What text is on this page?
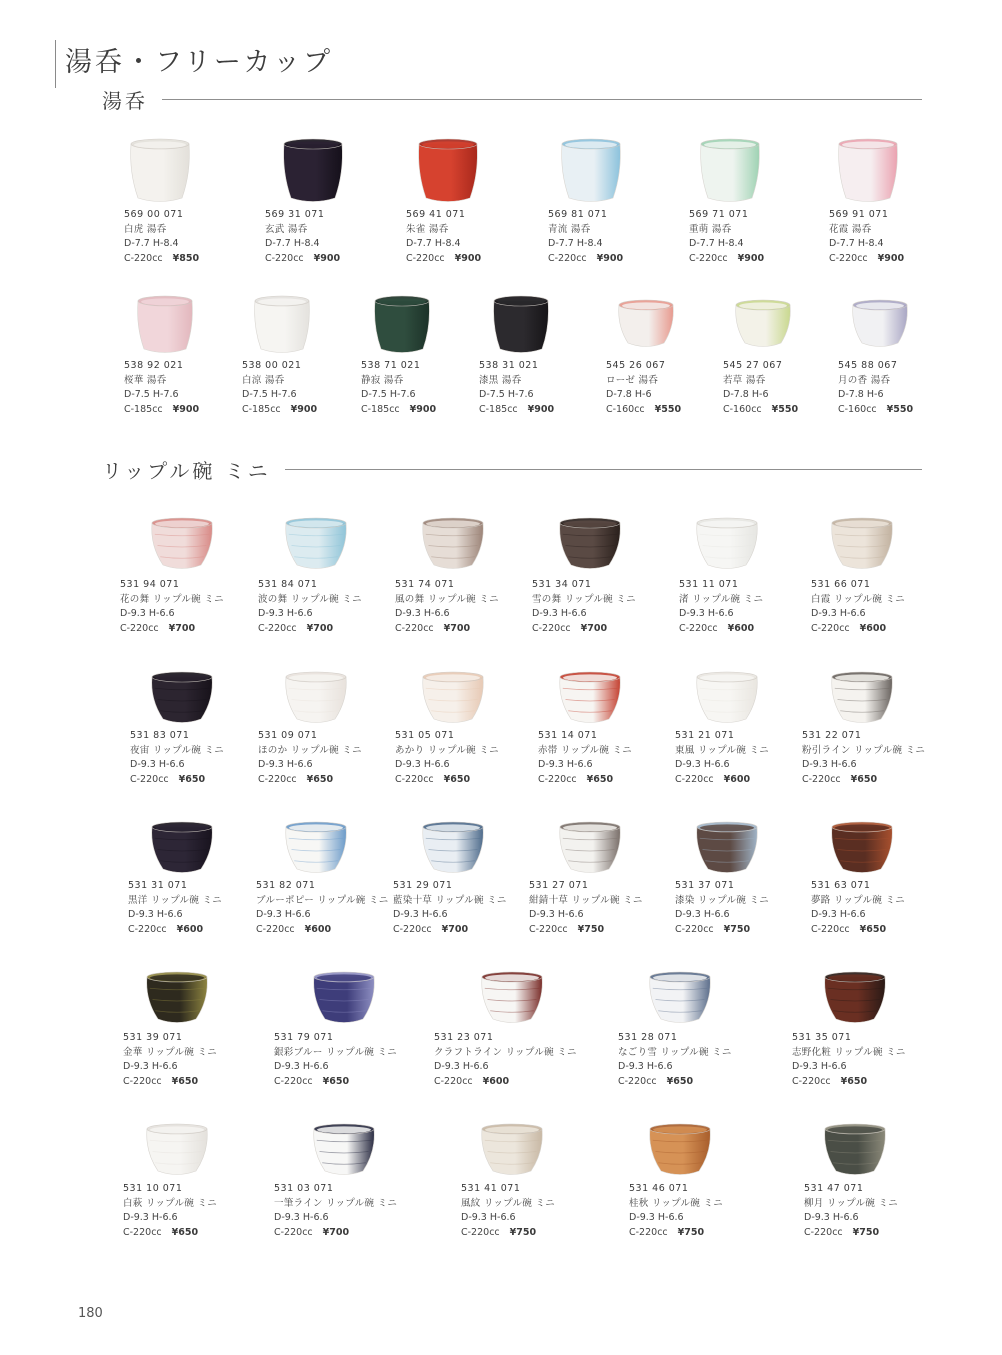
湯呑・フリーカップ
湯呑
リップル碗 ミニ
569 00 071
白虎 湯呑
D-7.7 H-8.4
C-220cc ¥850
569 31 071
玄武 湯呑
D-7.7 H-8.4
C-220cc ¥900
569 41 071
朱雀 湯呑
D-7.7 H-8.4
C-220cc ¥900
569 81 071
青流 湯呑
D-7.7 H-8.4
C-220cc ¥900
569 71 071
重萌 湯呑
D-7.7 H-8.4
C-220cc ¥900
569 91 071
花霞 湯呑
D-7.7 H-8.4
C-220cc ¥900
538 92 021
桜華 湯呑
D-7.5 H-7.6
C-185cc ¥900
538 00 021
白涼 湯呑
D-7.5 H-7.6
C-185cc ¥900
538 71 021
静寂 湯呑
D-7.5 H-7.6
C-185cc ¥900
538 31 021
漆黒 湯呑
D-7.5 H-7.6
C-185cc ¥900
545 26 067
ローゼ 湯呑
D-7.8 H-6
C-160cc ¥550
545 27 067
若草 湯呑
D-7.8 H-6
C-160cc ¥550
545 88 067
月の香 湯呑
D-7.8 H-6
C-160cc ¥550
531 94 071
花の舞 リップル碗 ミニ
D-9.3 H-6.6
C-220cc ¥700
531 84 071
波の舞 リップル碗 ミニ
D-9.3 H-6.6
C-220cc ¥700
531 74 071
風の舞 リップル碗 ミニ
D-9.3 H-6.6
C-220cc ¥700
531 34 071
雪の舞 リップル碗 ミニ
D-9.3 H-6.6
C-220cc ¥700
531 11 071
渚 リップル碗 ミニ
D-9.3 H-6.6
C-220cc ¥600
531 66 071
白霞 リップル碗 ミニ
D-9.3 H-6.6
C-220cc ¥600
531 83 071
夜宙 リップル碗 ミニ
D-9.3 H-6.6
C-220cc ¥650
531 09 071
ほのか リップル碗 ミニ
D-9.3 H-6.6
C-220cc ¥650
531 05 071
あかり リップル碗 ミニ
D-9.3 H-6.6
C-220cc ¥650
531 14 071
赤帯 リップル碗 ミニ
D-9.3 H-6.6
C-220cc ¥650
531 21 071
東風 リップル碗 ミニ
D-9.3 H-6.6
C-220cc ¥600
531 22 071
粉引ライン リップル碗 ミニ
D-9.3 H-6.6
C-220cc ¥650
531 31 071
黒洋 リップル碗 ミニ
D-9.3 H-6.6
C-220cc ¥600
531 82 071
ブルーポピー リップル碗 ミニ
D-9.3 H-6.6
C-220cc ¥600
531 29 071
藍染十草 リップル碗 ミニ
D-9.3 H-6.6
C-220cc ¥700
531 27 071
紺錆十草 リップル碗 ミニ
D-9.3 H-6.6
C-220cc ¥750
531 37 071
漆染 リップル碗 ミニ
D-9.3 H-6.6
C-220cc ¥750
531 63 071
夢路 リップル碗 ミニ
D-9.3 H-6.6
C-220cc ¥650
531 39 071
金華 リップル碗 ミニ
D-9.3 H-6.6
C-220cc ¥650
531 79 071
銀彩ブルー リップル碗 ミニ
D-9.3 H-6.6
C-220cc ¥650
531 23 071
クラフトライン リップル碗 ミニ
D-9.3 H-6.6
C-220cc ¥600
531 28 071
なごり雪 リップル碗 ミニ
D-9.3 H-6.6
C-220cc ¥650
531 35 071
志野化粧 リップル碗 ミニ
D-9.3 H-6.6
C-220cc ¥650
531 10 071
白萩 リップル碗 ミニ
D-9.3 H-6.6
C-220cc ¥650
531 03 071
一筆ライン リップル碗 ミニ
D-9.3 H-6.6
C-220cc ¥700
531 41 071
風紋 リップル碗 ミニ
D-9.3 H-6.6
C-220cc ¥750
531 46 071
桂秋 リップル碗 ミニ
D-9.3 H-6.6
C-220cc ¥750
531 47 071
柳月 リップル碗 ミニ
D-9.3 H-6.6
C-220cc ¥750
180
